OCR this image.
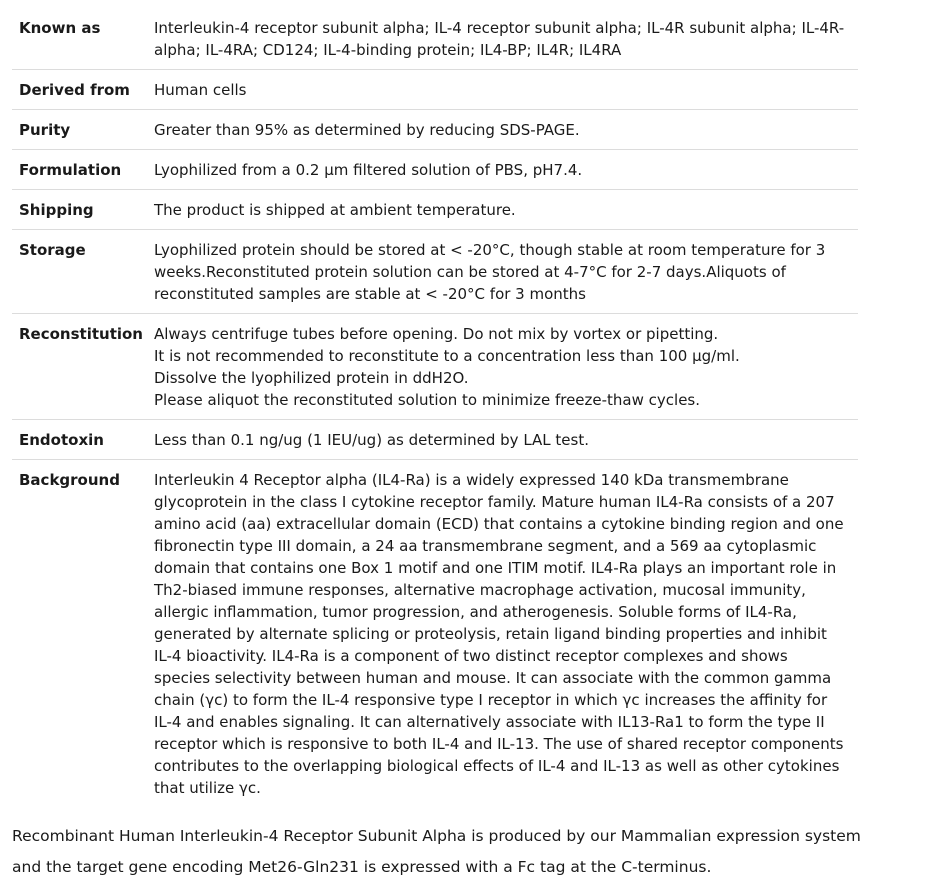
Known as	Interleukin-4 receptor subunit alpha; IL-4 receptor subunit alpha; IL-4R subunit alpha; IL-4R-alpha; IL-4RA; CD124; IL-4-binding protein; IL4-BP; IL4R; IL4RA
Derived from	Human cells
Purity	Greater than 95% as determined by reducing SDS-PAGE.
Formulation	Lyophilized from a 0.2 μm filtered solution of PBS, pH7.4.
Shipping	The product is shipped at ambient temperature.
Storage	Lyophilized protein should be stored at < -20°C, though stable at room temperature for 3 weeks.Reconstituted protein solution can be stored at 4-7°C for 2-7 days.Aliquots of reconstituted samples are stable at < -20°C for 3 months
Reconstitution	Always centrifuge tubes before opening. Do not mix by vortex or pipetting.
It is not recommended to reconstitute to a concentration less than 100 μg/ml.
Dissolve the lyophilized protein in ddH2O.
Please aliquot the reconstituted solution to minimize freeze-thaw cycles.

Endotoxin	Less than 0.1 ng/ug (1 IEU/ug) as determined by LAL test.
Background	Interleukin 4 Receptor alpha (IL4-Ra) is a widely expressed 140 kDa transmembrane glycoprotein in the class I cytokine receptor family. Mature human IL4-Ra consists of a 207 amino acid (aa) extracellular domain (ECD) that contains a cytokine binding region and one fibronectin type III domain, a 24 aa transmembrane segment, and a 569 aa cytoplasmic domain that contains one Box 1 motif and one ITIM motif. IL4-Ra plays an important role in Th2-biased immune responses, alternative macrophage activation, mucosal immunity, allergic inflammation, tumor progression, and atherogenesis. Soluble forms of IL4-Ra, generated by alternate splicing or proteolysis, retain ligand binding properties and inhibit IL-4 bioactivity. IL4-Ra is a component of two distinct receptor complexes and shows species selectivity between human and mouse. It can associate with the common gamma chain (γc) to form the IL-4 responsive type I receptor in which γc increases the affinity for IL-4 and enables signaling. It can alternatively associate with IL13-Ra1 to form the type II receptor which is responsive to both IL-4 and IL-13. The use of shared receptor components contributes to the overlapping biological effects of IL-4 and IL-13 as well as other cytokines that utilize γc.
Recombinant Human Interleukin-4 Receptor Subunit Alpha is produced by our Mammalian expression system
and the target gene encoding Met26-Gln231 is expressed with a Fc tag at the C-terminus.
